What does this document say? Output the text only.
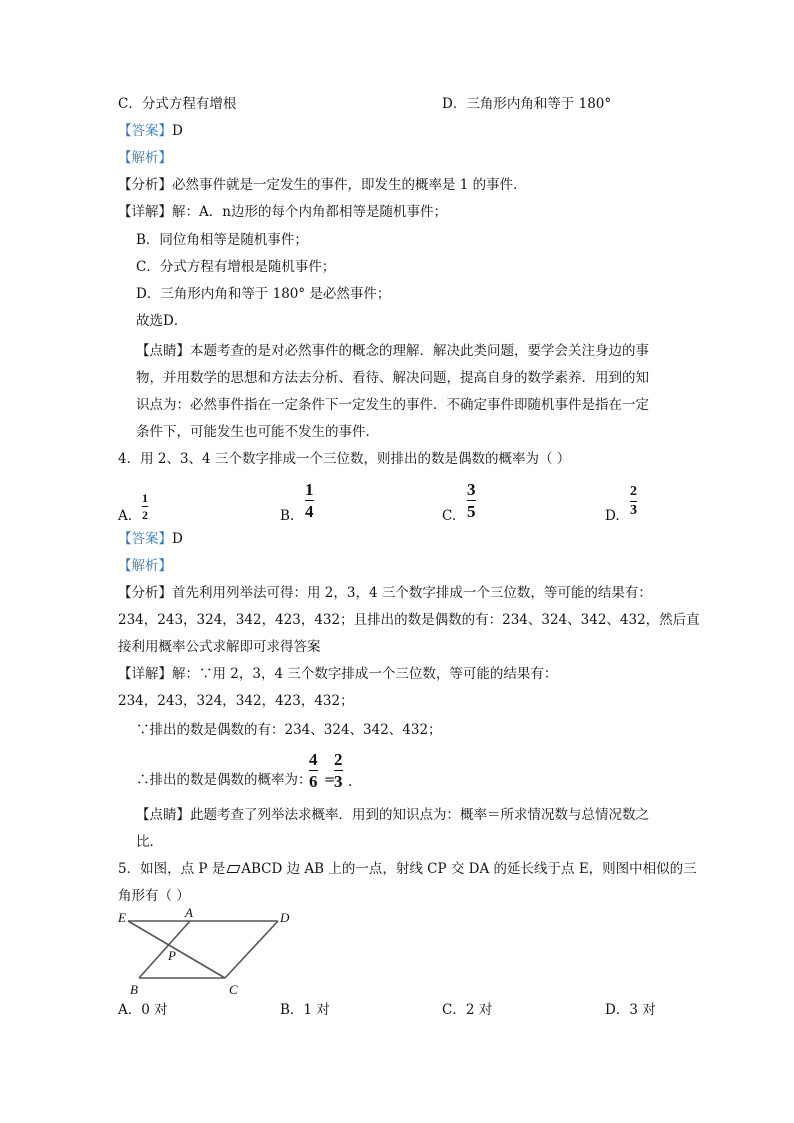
C．分式方程有增根	D．三角形内角和等于 180°
【答案】D
【解析】
【分析】必然事件就是一定发生的事件，即发生的概率是 1 的事件．
【详解】解：A．n边形的每个内角都相等是随机事件；
B．同位角相等是随机事件；
C．分式方程有增根是随机事件；
D．三角形内角和等于 180° 是必然事件；
故选D．
【点睛】本题考查的是对必然事件的概念的理解．解决此类问题，要学会关注身边的事
物，并用数学的思想和方法去分析、看待、解决问题，提高自身的数学素养．用到的知
识点为：必然事件指在一定条件下一定发生的事件．不确定事件即随机事件是指在一定
条件下，可能发生也可能不发生的事件．
4．用 2、3、4 三个数字排成一个三位数，则排出的数是偶数的概率为（ ）
A.
1
2	B.
1
4	C.
3
5	D.
2
3
【答案】D
【解析】
【分析】首先利用列举法可得：用 2，3，4 三个数字排成一个三位数，等可能的结果有：
234，243，324，342，423，432；且排出的数是偶数的有：234、324、342、432，然后直
接利用概率公式求解即可求得答案
【详解】解：∵用 2，3，4 三个数字排成一个三位数，等可能的结果有：
234，243，324，342，423，432；
∵排出的数是偶数的有：234、324、342、432；
∴排出的数是偶数的概率为：
4
6 =
2
3 .
【点睛】此题考查了列举法求概率．用到的知识点为：概率＝所求情况数与总情况数之
比．
5．如图，点 P 是 ABCD 边 AB 上的一点，射线 CP 交 DA 的延长线于点 E，则图中相似的三
角形有（ ）
E	A	D
P
B	C
A．0 对	B．1 对	C．2 对	D．3 对
